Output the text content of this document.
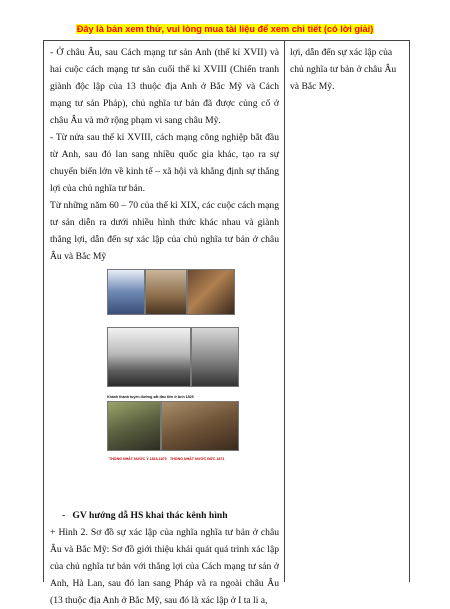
Đây là bản xem thử, vui lòng mua tài liệu để xem chi tiết (có lời giải)

- Ở châu Âu, sau Cách mạng tư sản Anh (thế kỉ XVII) và hai cuộc cách mạng tư sản cuối thế kỉ XVIII (Chiến tranh giành độc lập của 13 thuộc địa Anh ở Bắc Mỹ và Cách mạng tư sản Pháp), chủ nghĩa tư bản đã được củng cố ở châu Âu và mở rộng phạm vi sang châu Mỹ.

- Từ nửa sau thế kỉ XVIII, cách mạng công nghiệp bắt đầu từ Anh, sau đó lan sang nhiều quốc gia khác, tạo ra sự chuyển biến lớn về kinh tế – xã hội và khẳng định sự thắng lợi của chủ nghĩa tư bản.

Từ những năm 60 – 70 của thế kỉ XIX, các cuộc cách mạng tư sản diễn ra dưới nhiều hình thức khác nhau và giành thắng lợi, dẫn đến sự xác lập của chủ nghĩa tư bản ở châu Âu và Bắc Mỹ

Khánh thành tuyến đường sắt đầu tiên ở Anh 1825
THỐNG NHẤT NƯỚC Ý 1815-1870 THỐNG NHẤT NƯỚC ĐỨC 1871

- GV hướng dẫ HS khai thác kênh hình

+ Hình 2. Sơ đồ sự xác lập của nghĩa nghĩa tư bản ở châu Âu và Bắc Mỹ: Sơ đồ giới thiệu khái quát quá trình xác lập của chủ nghĩa tư bản với thắng lợi của Cách mạng tư sản ở Anh, Hà Lan, sau đó lan sang Pháp và ra ngoài châu Âu (13 thuộc địa Anh ở Bắc Mỹ, sau đó là xác lập ở I ta li a,

lợi, dẫn đến sự xác lập của chủ nghĩa tư bản ở châu Âu và Bắc Mỹ.
